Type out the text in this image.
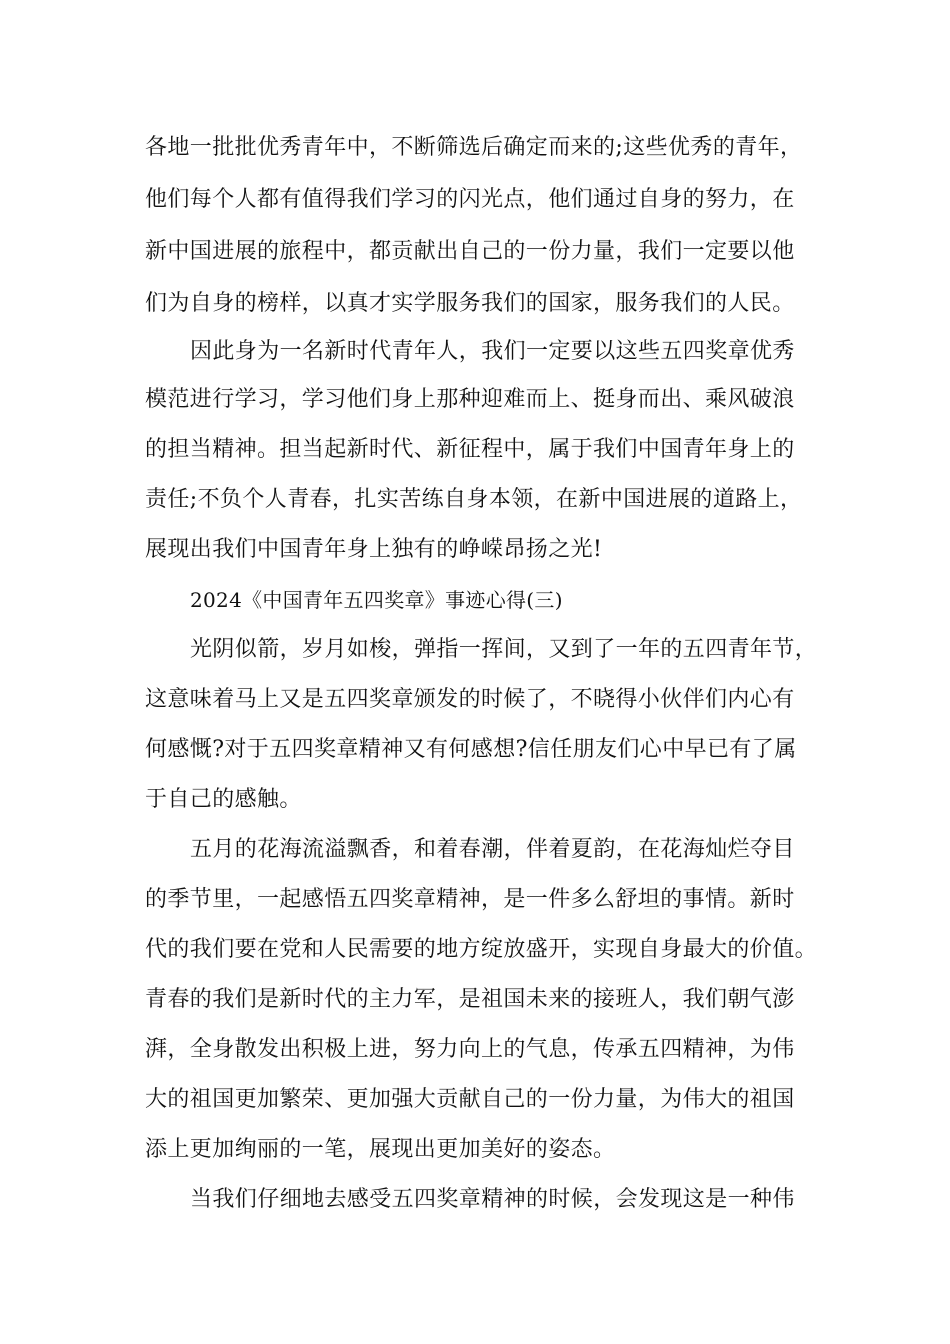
各地一批批优秀青年中，不断筛选后确定而来的;这些优秀的青年，
他们每个人都有值得我们学习的闪光点，他们通过自身的努力，在
新中国进展的旅程中，都贡献出自己的一份力量，我们一定要以他
们为自身的榜样，以真才实学服务我们的国家，服务我们的人民。
因此身为一名新时代青年人，我们一定要以这些五四奖章优秀
模范进行学习，学习他们身上那种迎难而上、挺身而出、乘风破浪
的担当精神。担当起新时代、新征程中，属于我们中国青年身上的
责任;不负个人青春，扎实苦练自身本领，在新中国进展的道路上，
展现出我们中国青年身上独有的峥嵘昂扬之光!
2024《中国青年五四奖章》事迹心得(三)
光阴似箭，岁月如梭，弹指一挥间，又到了一年的五四青年节，
这意味着马上又是五四奖章颁发的时候了，不晓得小伙伴们内心有
何感慨?对于五四奖章精神又有何感想?信任朋友们心中早已有了属
于自己的感触。
五月的花海流溢飘香，和着春潮，伴着夏韵，在花海灿烂夺目
的季节里，一起感悟五四奖章精神，是一件多么舒坦的事情。新时
代的我们要在党和人民需要的地方绽放盛开，实现自身最大的价值。
青春的我们是新时代的主力军，是祖国未来的接班人，我们朝气澎
湃，全身散发出积极上进，努力向上的气息，传承五四精神，为伟
大的祖国更加繁荣、更加强大贡献自己的一份力量，为伟大的祖国
添上更加绚丽的一笔，展现出更加美好的姿态。
当我们仔细地去感受五四奖章精神的时候，会发现这是一种伟
